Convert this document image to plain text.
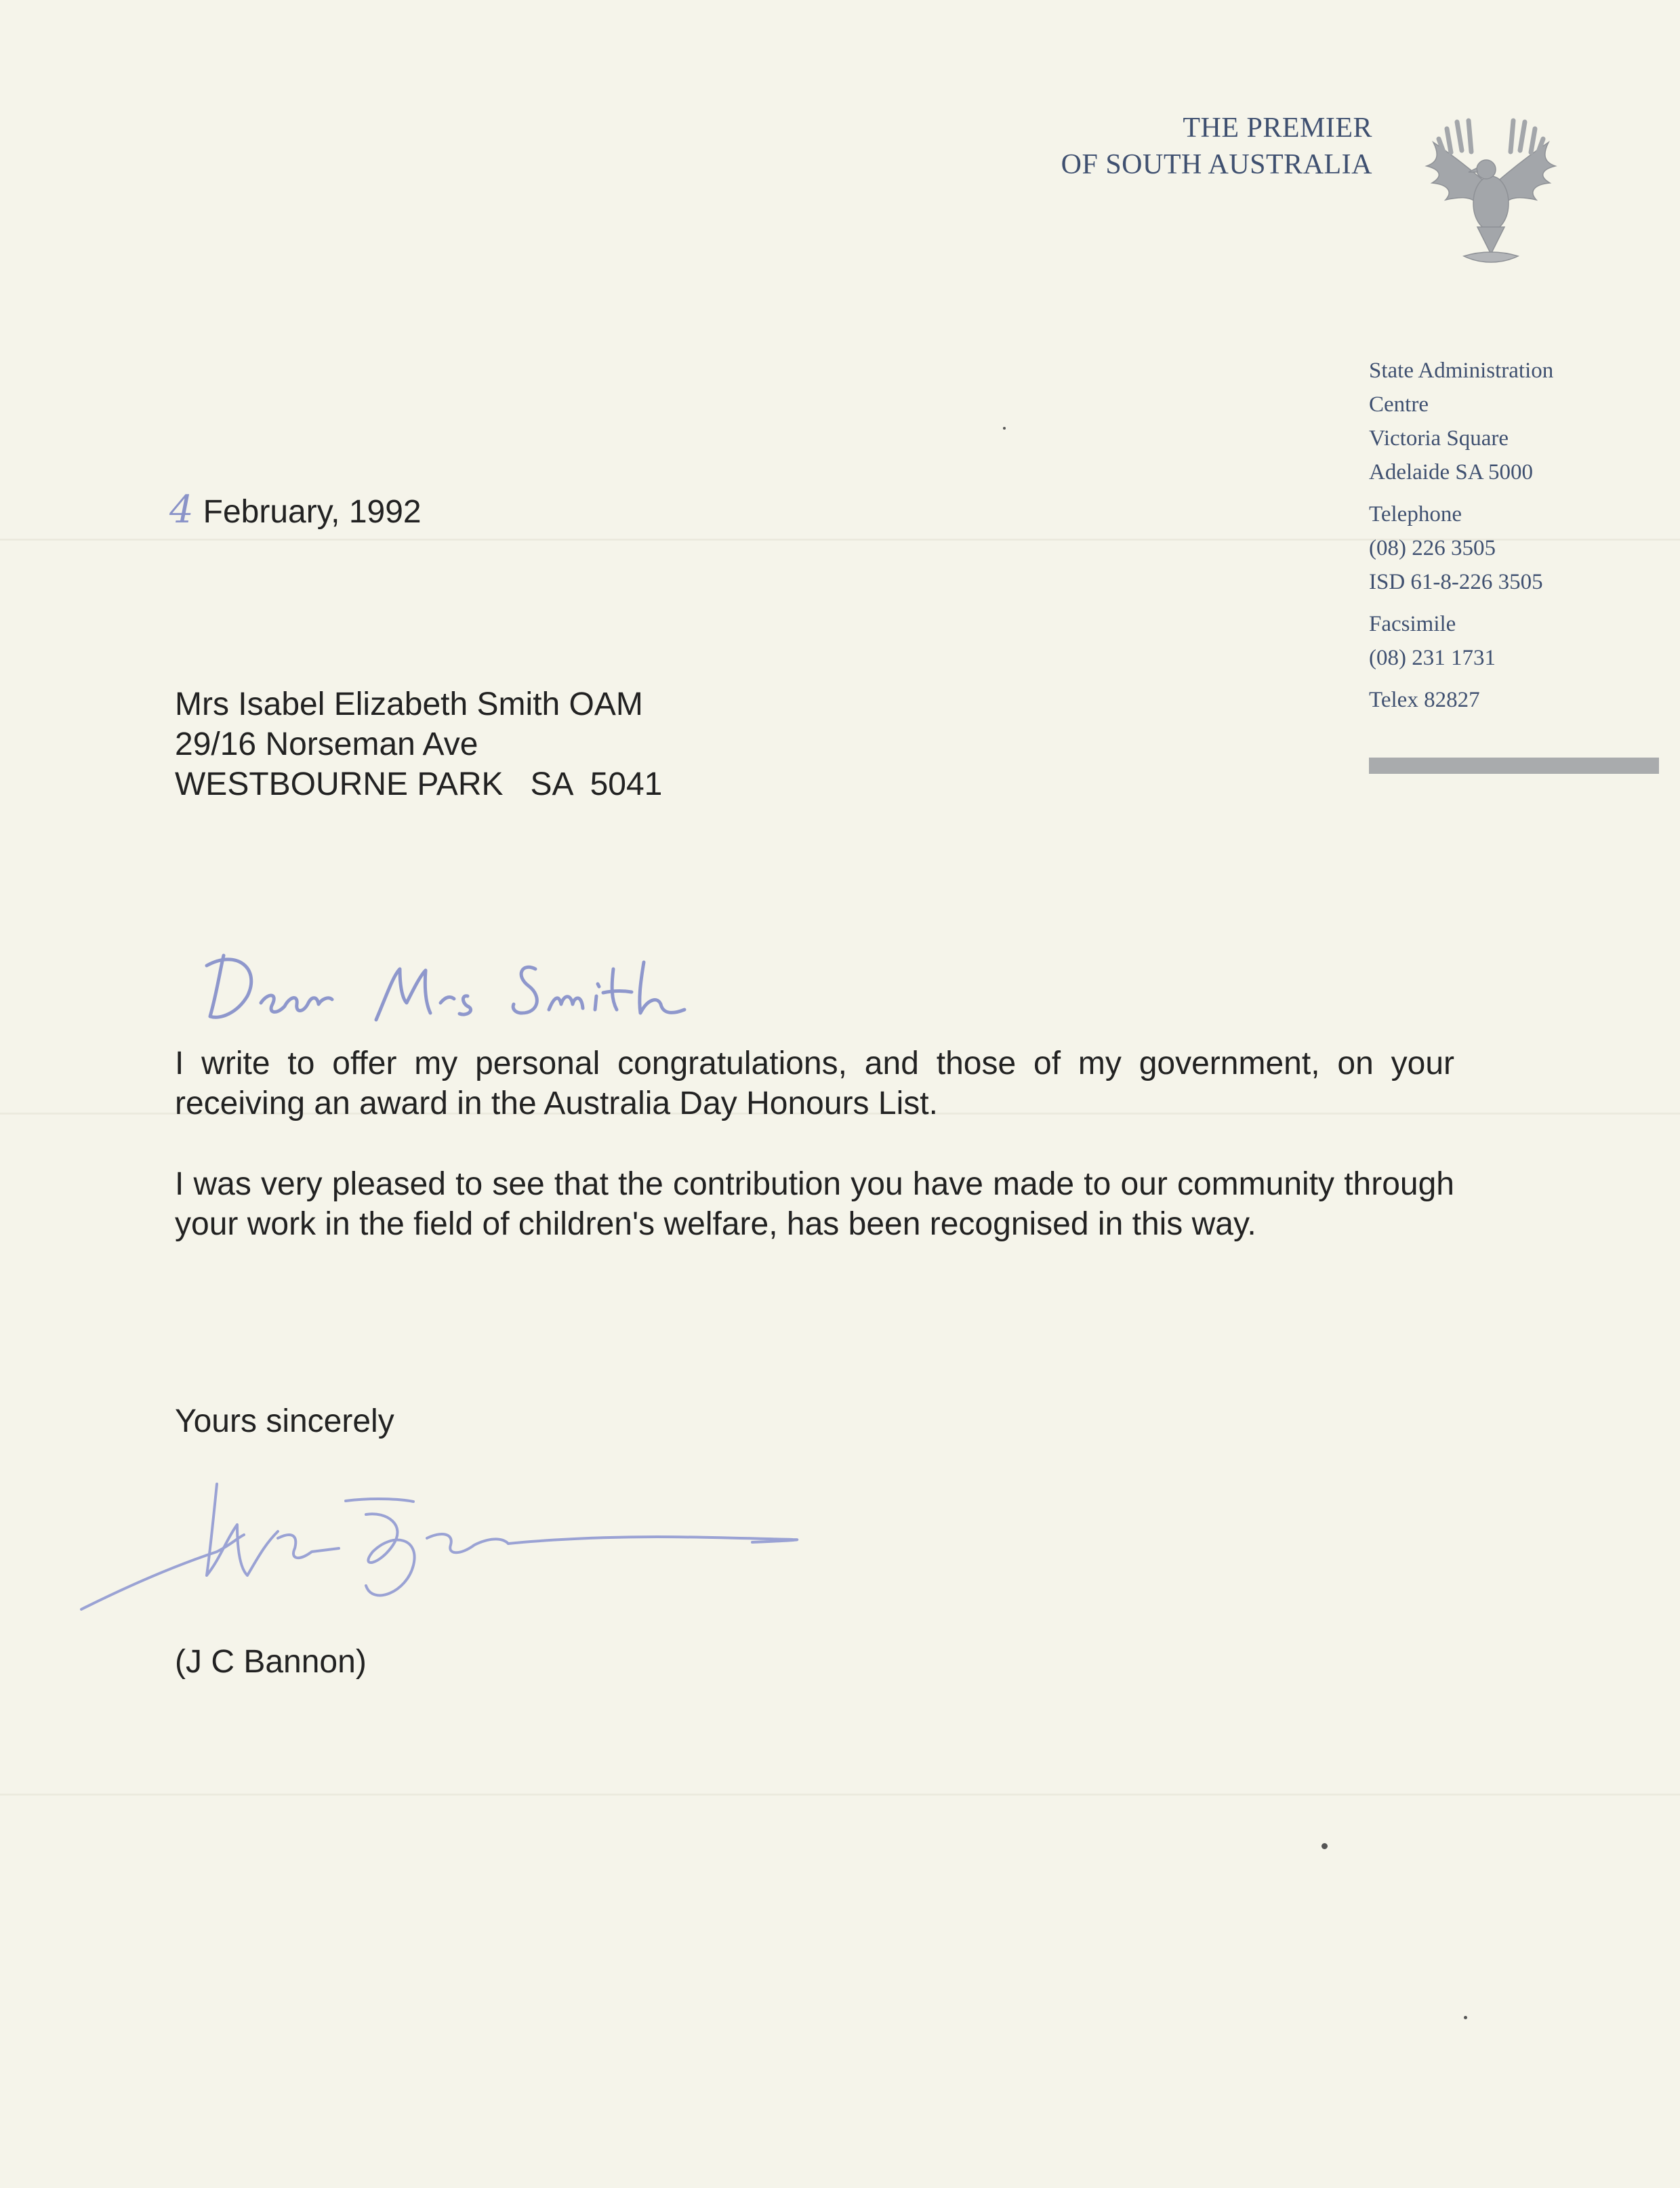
THE PREMIER
OF SOUTH AUSTRALIA
State Administration
Centre
Victoria Square
Adelaide SA 5000
Telephone
(08) 226 3505
ISD 61-8-226 3505
Facsimile
(08) 231 1731
Telex 82827
4 February, 1992
Mrs Isabel Elizabeth Smith OAM
29/16 Norseman Ave
WESTBOURNE PARK   SA  5041
I write to offer my personal congratulations, and those of my government, on your receiving an award in the Australia Day Honours List.
I was very pleased to see that the contribution you have made to our community through your work in the field of children's welfare, has been recognised in this way.
Yours sincerely
(J C Bannon)
